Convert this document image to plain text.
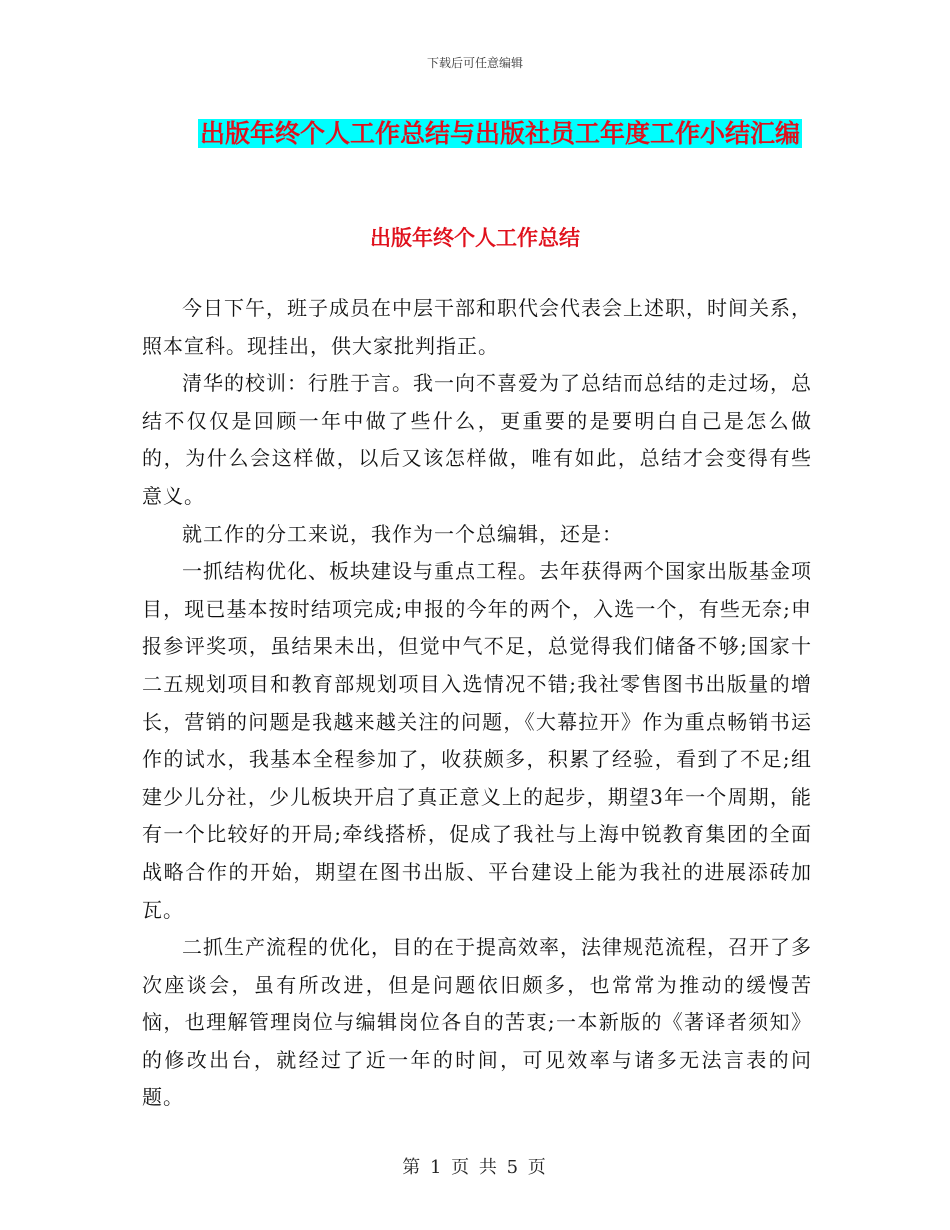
下载后可任意编辑
出版年终个人工作总结与出版社员工年度工作小结汇编
出版年终个人工作总结

今日下午，班子成员在中层干部和职代会代表会上述职，时间关系，照本宣科。现挂出，供大家批判指正。

清华的校训：行胜于言。我一向不喜爱为了总结而总结的走过场，总结不仅仅是回顾一年中做了些什么，更重要的是要明白自己是怎么做的，为什么会这样做，以后又该怎样做，唯有如此，总结才会变得有些意义。

就工作的分工来说，我作为一个总编辑，还是：

一抓结构优化、板块建设与重点工程。去年获得两个国家出版基金项目，现已基本按时结项完成;申报的今年的两个，入选一个，有些无奈;申报参评奖项，虽结果未出，但觉中气不足，总觉得我们储备不够;国家十二五规划项目和教育部规划项目入选情况不错;我社零售图书出版量的增长，营销的问题是我越来越关注的问题，《大幕拉开》作为重点畅销书运作的试水，我基本全程参加了，收获颇多，积累了经验，看到了不足;组建少儿分社，少儿板块开启了真正意义上的起步，期望3年一个周期，能有一个比较好的开局;牵线搭桥，促成了我社与上海中锐教育集团的全面战略合作的开始，期望在图书出版、平台建设上能为我社的进展添砖加瓦。

二抓生产流程的优化，目的在于提高效率，法律规范流程，召开了多次座谈会，虽有所改进，但是问题依旧颇多，也常常为推动的缓慢苦恼，也理解管理岗位与编辑岗位各自的苦衷;一本新版的《著译者须知》的修改出台，就经过了近一年的时间，可见效率与诸多无法言表的问题。

第 1 页 共 5 页
